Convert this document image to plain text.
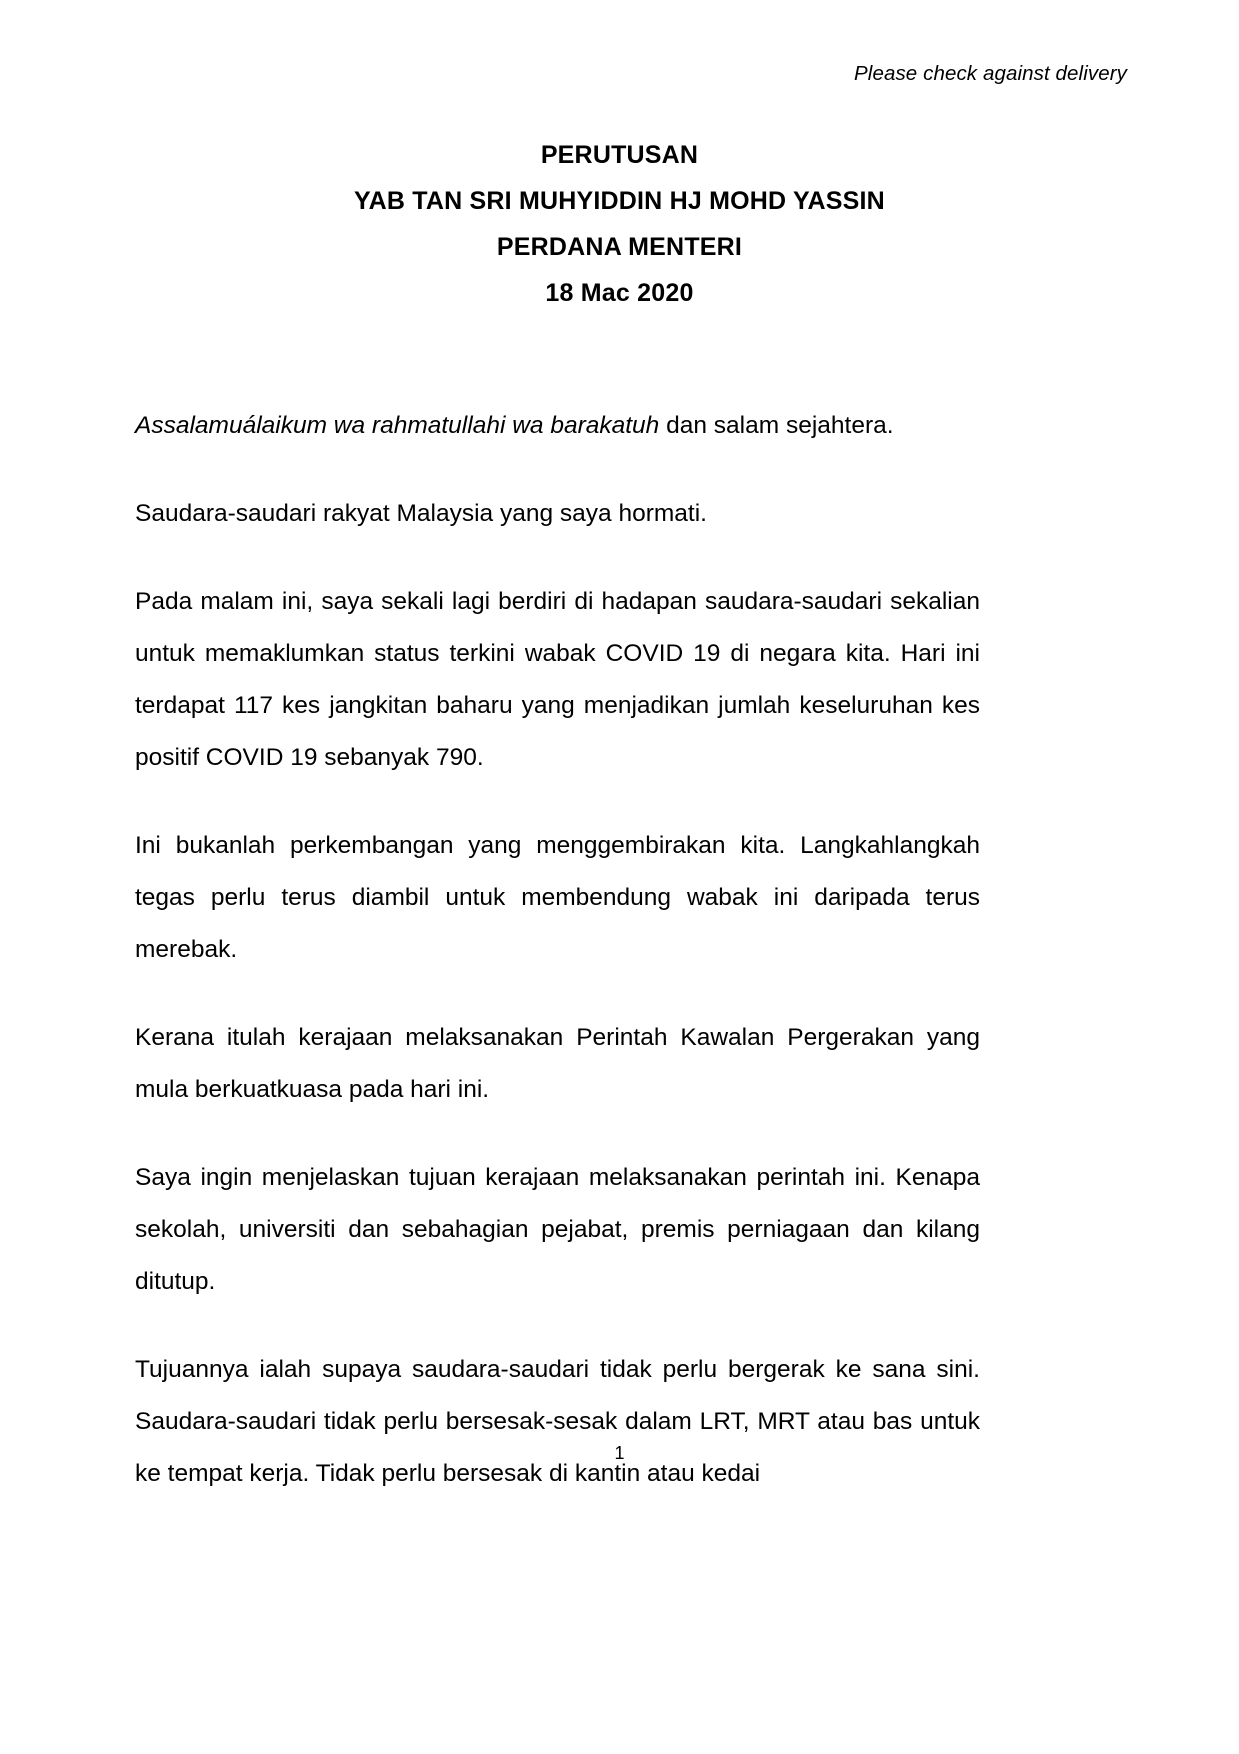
Please check against delivery
PERUTUSAN
YAB TAN SRI MUHYIDDIN HJ MOHD YASSIN
PERDANA MENTERI
18 Mac 2020

Assalamuálaikum wa rahmatullahi wa barakatuh dan salam sejahtera.

Saudara-saudari rakyat Malaysia yang saya hormati.

Pada malam ini, saya sekali lagi berdiri di hadapan saudara-saudari sekalian untuk memaklumkan status terkini wabak COVID 19 di negara kita. Hari ini terdapat 117 kes jangkitan baharu yang menjadikan jumlah keseluruhan kes positif COVID 19 sebanyak 790.

Ini bukanlah perkembangan yang menggembirakan kita. Langkahlangkah tegas perlu terus diambil untuk membendung wabak ini daripada terus merebak.

Kerana itulah kerajaan melaksanakan Perintah Kawalan Pergerakan yang mula berkuatkuasa pada hari ini.

Saya ingin menjelaskan tujuan kerajaan melaksanakan perintah ini. Kenapa sekolah, universiti dan sebahagian pejabat, premis perniagaan dan kilang ditutup.

Tujuannya ialah supaya saudara-saudari tidak perlu bergerak ke sana sini. Saudara-saudari tidak perlu bersesak-sesak dalam LRT, MRT atau bas untuk ke tempat kerja. Tidak perlu bersesak di kantin atau kedai

1
